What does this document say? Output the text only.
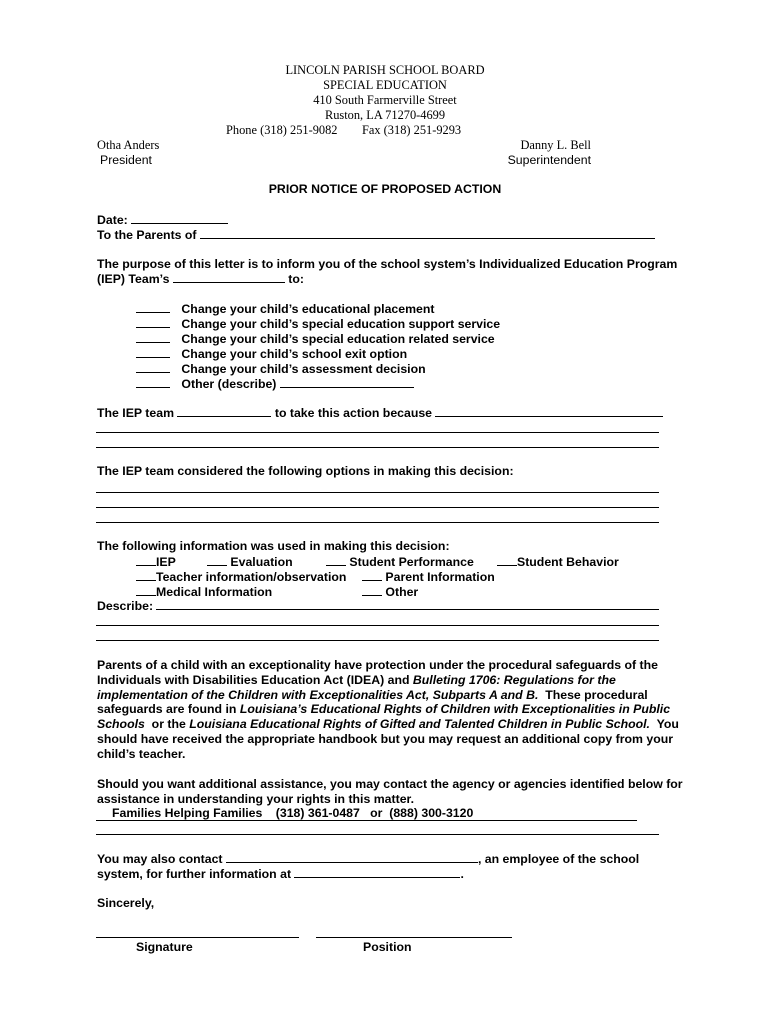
LINCOLN PARISH SCHOOL BOARD
SPECIAL EDUCATION
410 South Farmerville Street
Ruston, LA 71270-4699
Phone (318) 251-9082 Fax (318) 251-9293
Otha Anders
President
Danny L. Bell
Superintendent
PRIOR NOTICE OF PROPOSED ACTION
Date:
To the Parents of
The purpose of this letter is to inform you of the school system’s Individualized Education Program
(IEP) Team’s	to:
Change your child’s educational placement
Change your child’s special education support service
Change your child’s special education related service
Change your child’s school exit option
Change your child’s assessment decision
Other (describe)
The IEP team	to take this action because
The IEP team considered the following options in making this decision:
The following information was used in making this decision:
IEP	Evaluation	Student Performance	Student Behavior
Teacher information/observation	Parent Information
Medical Information	Other
Describe:
Parents of a child with an exceptionality have protection under the procedural safeguards of the
Individuals with Disabilities Education Act (IDEA) and Bulleting 1706: Regulations for the
implementation of the Children with Exceptionalities Act, Subparts A and B.  These procedural
safeguards are found in Louisiana’s Educational Rights of Children with Exceptionalities in Public
Schools  or the Louisiana Educational Rights of Gifted and Talented Children in Public School.  You
should have received the appropriate handbook but you may request an additional copy from your
child’s teacher.
Should you want additional assistance, you may contact the agency or agencies identified below for
assistance in understanding your rights in this matter.
Families Helping Families (318) 361-0487   or  (888) 300-3120
You may also contact	, an employee of the school
system, for further information at	.
Sincerely,
Signature	Position
